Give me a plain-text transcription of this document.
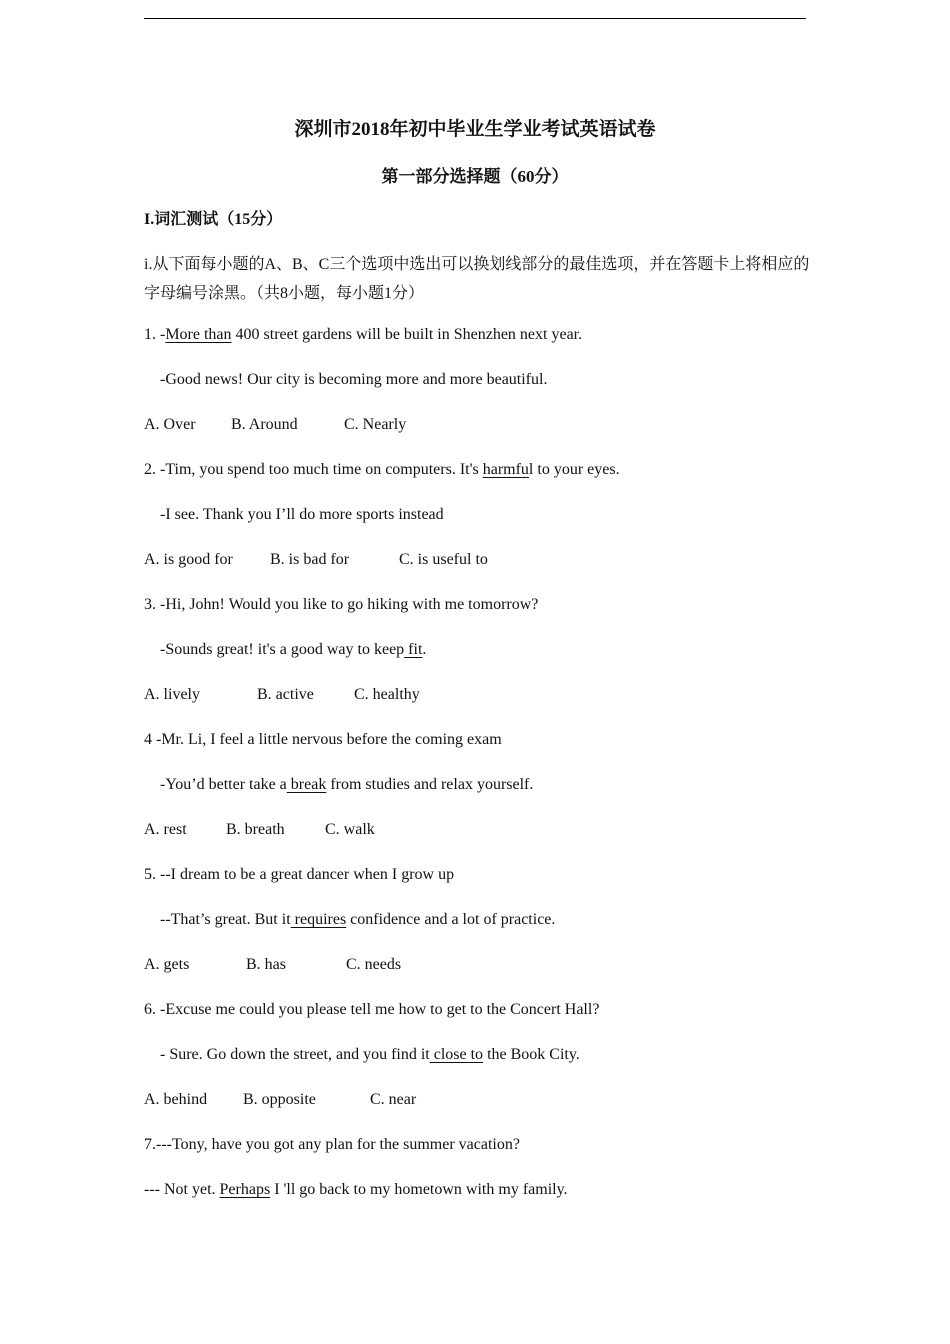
深圳市2018年初中毕业生学业考试英语试卷
第一部分选择题（60分）
I.词汇测试（15分）
i.从下面每小题的A、B、C三个选项中选出可以换划线部分的最佳选项，并在答题卡上将相应的字母编号涂黑。（共8小题，每小题1分）
1. -More than 400 street gardens will be built in Shenzhen next year.
-Good news! Our city is becoming more and more beautiful.
A. Over B. Around	C. Nearly
2. -Tim, you spend too much time on computers. It's harmful to your eyes.
-I see. Thank you I’ll do more sports instead
A. is good for B. is bad for	C. is useful to
3. -Hi, John! Would you like to go hiking with me tomorrow?
-Sounds great! it's a good way to keep fit.
A. lively	B. active	C. healthy
4 -Mr. Li, I feel a little nervous before the coming exam
-You’d better take a break from studies and relax yourself.
A. rest B. breath	C. walk
5. --I dream to be a great dancer when I grow up
--That’s great. But it requires confidence and a lot of practice.
A. gets	B. has	C. needs
6. -Excuse me could you please tell me how to get to the Concert Hall?
- Sure. Go down the street, and you find it close to the Book City.
A. behind B. opposite	C. near
7.---Tony, have you got any plan for the summer vacation?
--- Not yet. Perhaps I 'll go back to my hometown with my family.
